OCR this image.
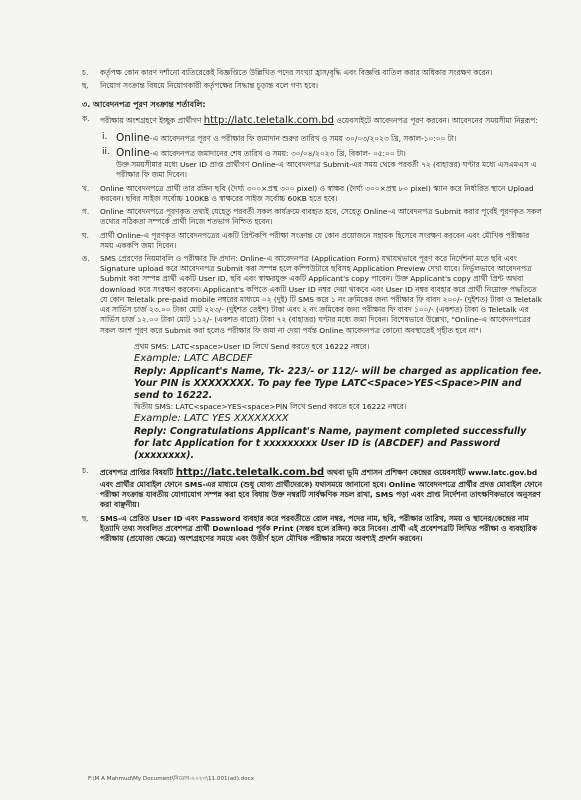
চ.	কর্তৃপক্ষ কোন কারণ দর্শানো ব্যতিরেকেই বিজ্ঞপ্তিতে উল্লিখিত পদের সংখ্যা হ্রাস/বৃদ্ধি এবং বিজ্ঞপ্তি বাতিল করার অধিকার সংরক্ষণ করেন।
ছ.	নিয়োগ সংক্রান্ত বিষয়ে নিয়োগকারী কর্তৃপক্ষের সিদ্ধান্ত চূড়ান্ত বলে গণ্য হবে।
৩. আবেদনপত্র পূরণ সংক্রান্ত শর্তাবলি:
ক.	পরীক্ষায় অংশগ্রহণে ইচ্ছুক প্রার্থীগণ http://latc.teletalk.com.bd ওয়েবসাইটে আবেদনপত্র পূরণ করবেন। আবেদনের সময়সীমা নিম্নরূপ:
i. Online-এ আবেদনপত্র পূরণ ও পরীক্ষার ফি জমাদান শুরুর তারিখ ও সময় ৩০/০৩/২০২৩ খ্রি, সকাল-১০:০০ টা।
ii. Online-এ আবেদনপত্র জমাদানের শেষ তারিখ ও সময়: ৩০/০৪/২০২৩ খ্রি, বিকাল- ০৫:০০ টা।
উক্ত সময়সীমার মধ্যে User ID প্রাপ্ত প্রার্থীগণ Online-এ আবেদনপত্র Submit-এর সময় থেকে পরবর্তী ৭২ (বাহাত্তর) ঘণ্টার মধ্যে এসএমএস এ পরীক্ষার ফি জমা দিবেন।
খ.	Online আবেদনপত্রে প্রার্থী তার রঙ্গিন ছবি (দৈর্ঘ্য ৩০০×প্রস্থ ৩০০ pixel) ও স্বাক্ষর (দৈর্ঘ্য ৩০০×প্রস্থ ৮০ pixel) স্ক্যান করে নির্ধারিত স্থানে Upload করবেন। ছবির সাইজ সর্বোচ্চ 100KB ও স্বাক্ষরের সাইজ সর্বোচ্চ 60KB হতে হবে।
গ.	Online আবেদনপত্রে পূরণকৃত তথ্যই যেহেতু পরবর্তী সকল কার্যক্রমে ব্যবহৃত হবে, সেহেতু Online-এ আবেদনপত্র Submit করার পূর্বেই পূরণকৃত সকল তথ্যের সঠিকতা সম্পর্কে প্রার্থী নিজে শতভাগ নিশ্চিত হবেন।
ঘ.	প্রার্থী Online-এ পূরণকৃত আবেদনপত্রের একটি প্রিন্টকপি পরীক্ষা সংক্রান্ত যে কোন প্রয়োজনে সহায়ক হিসেবে সংরক্ষণ করবেন এবং মৌখিক পরীক্ষার সময় এককপি জমা দিবেন।
ঙ.	SMS প্রেরণের নিয়মাবলি ও পরীক্ষার ফি প্রদান: Online-এ আবেদনপত্র (Application Form) যথাযথভাবে পূরণ করে নির্দেশনা মতে ছবি এবং Signature upload করে আবেদনপত্র Submit করা সম্পন্ন হলে কম্পিউটারে ছবিসহ Application Preview দেখা যাবে। নির্ভুলভাবে আবেদনপত্র Submit করা সম্পন্ন প্রার্থী একটি User ID, ছবি এবং স্বাক্ষরযুক্ত একটি Applicant's copy পাবেন। উক্ত Applicant's copy প্রার্থী প্রিন্ট অথবা download করে সংরক্ষণ করবেন। Applicant's কপিতে একটি User ID নম্বর দেয়া থাকবে এবং User ID নম্বর ব্যবহার করে প্রার্থী নিম্নোক্ত পদ্ধতিতে যে কোন Teletalk pre-paid mobile নম্বরের মাধ্যমে ০২ (দুই) টি SMS করে ১ নং ক্রমিকের জন্য পরীক্ষার ফি বাবদ ২০০/- (দুইশত) টাকা ও Teletalk এর সার্ভিস চার্জ ২৩.০০ টাকা মোট ২২৩/- (দুইশত তেইশ) টাকা এবং ২ নং ক্রমিকের জন্য পরীক্ষার ফি বাবদ ১০০/- (একশত) টাকা ও Teletalk এর সার্ভিস চার্জ ১২.০০ টাকা মোট ১১২/- (একশত বারো) টাকা ৭২ (বাহাত্তর) ঘণ্টার মধ্যে জমা দিবেন। বিশেষভাবে উল্লেখ্য, "Online-এ আবেদনপত্রের সকল অংশ পূরণ করে Submit করা হলেও পরীক্ষার ফি জমা না দেয়া পর্যন্ত Online আবেদনপত্র কোনো অবস্থাতেই গৃহীত হবে না"।

প্রথম SMS: LATC<space>User ID লিখে Send করতে হবে 16222 নম্বরে।

Example: LATC ABCDEF

Reply: Applicant's Name, Tk- 223/- or 112/- will be charged as application fee. Your PIN is XXXXXXXX. To pay fee Type LATC<Space>YES<Space>PIN and send to 16222.

দ্বিতীয় SMS: LATC<space>YES<space>PIN লিখে Send করতে হবে 16222 নম্বরে।

Example: LATC YES XXXXXXXX

Reply: Congratulations Applicant's Name, payment completed successfully for latc Application for t xxxxxxxxx User ID is (ABCDEF) and Password (xxxxxxxx).

চ.	প্রবেশপত্র প্রাপ্তির বিষয়টি http://latc.teletalk.com.bd অথবা ভূমি প্রশাসন প্রশিক্ষণ কেন্দ্রের ওয়েবসাইট www.latc.gov.bd এবং প্রার্থীর মোবাইল ফোনে SMS-এর মাধ্যমে (শুধু যোগ্য প্রার্থীদেরকে) যথাসময়ে জানানো হবে। Online আবেদনপত্রে প্রার্থীর প্রদত্ত মোবাইল ফোনে পরীক্ষা সংক্রান্ত যাবতীয় যোগাযোগ সম্পন্ন করা হবে বিধায় উক্ত নম্বরটি সার্বক্ষণিক সচল রাখা, SMS পড়া এবং প্রাপ্ত নির্দেশনা তাৎক্ষণিকভাবে অনুসরণ করা বাঞ্ছনীয়।
ছ.	SMS-এ প্রেরিত User ID এবং Password ব্যবহার করে পরবর্তীতে রোল নম্বর, পদের নাম, ছবি, পরীক্ষার তারিখ, সময় ও স্থানের/কেন্দ্রের নাম ইত্যাদি তথ্য সংবলিত প্রবেশপত্র প্রার্থী Download পূর্বক Print (সম্ভব হলে রঙ্গিন) করে নিবেন। প্রার্থী এই প্রবেশপত্রটি লিখিত পরীক্ষা ও ব্যবহারিক পরীক্ষায় (প্রযোজ্য ক্ষেত্রে) অংশগ্রহণের সময়ে এবং উত্তীর্ণ হলে মৌখিক পরীক্ষার সময়ে অবশ্যই প্রদর্শন করবেন।
F:\M A Mahmud\My Document\নিয়োগ-২০২৩\11.001(ad).docx
